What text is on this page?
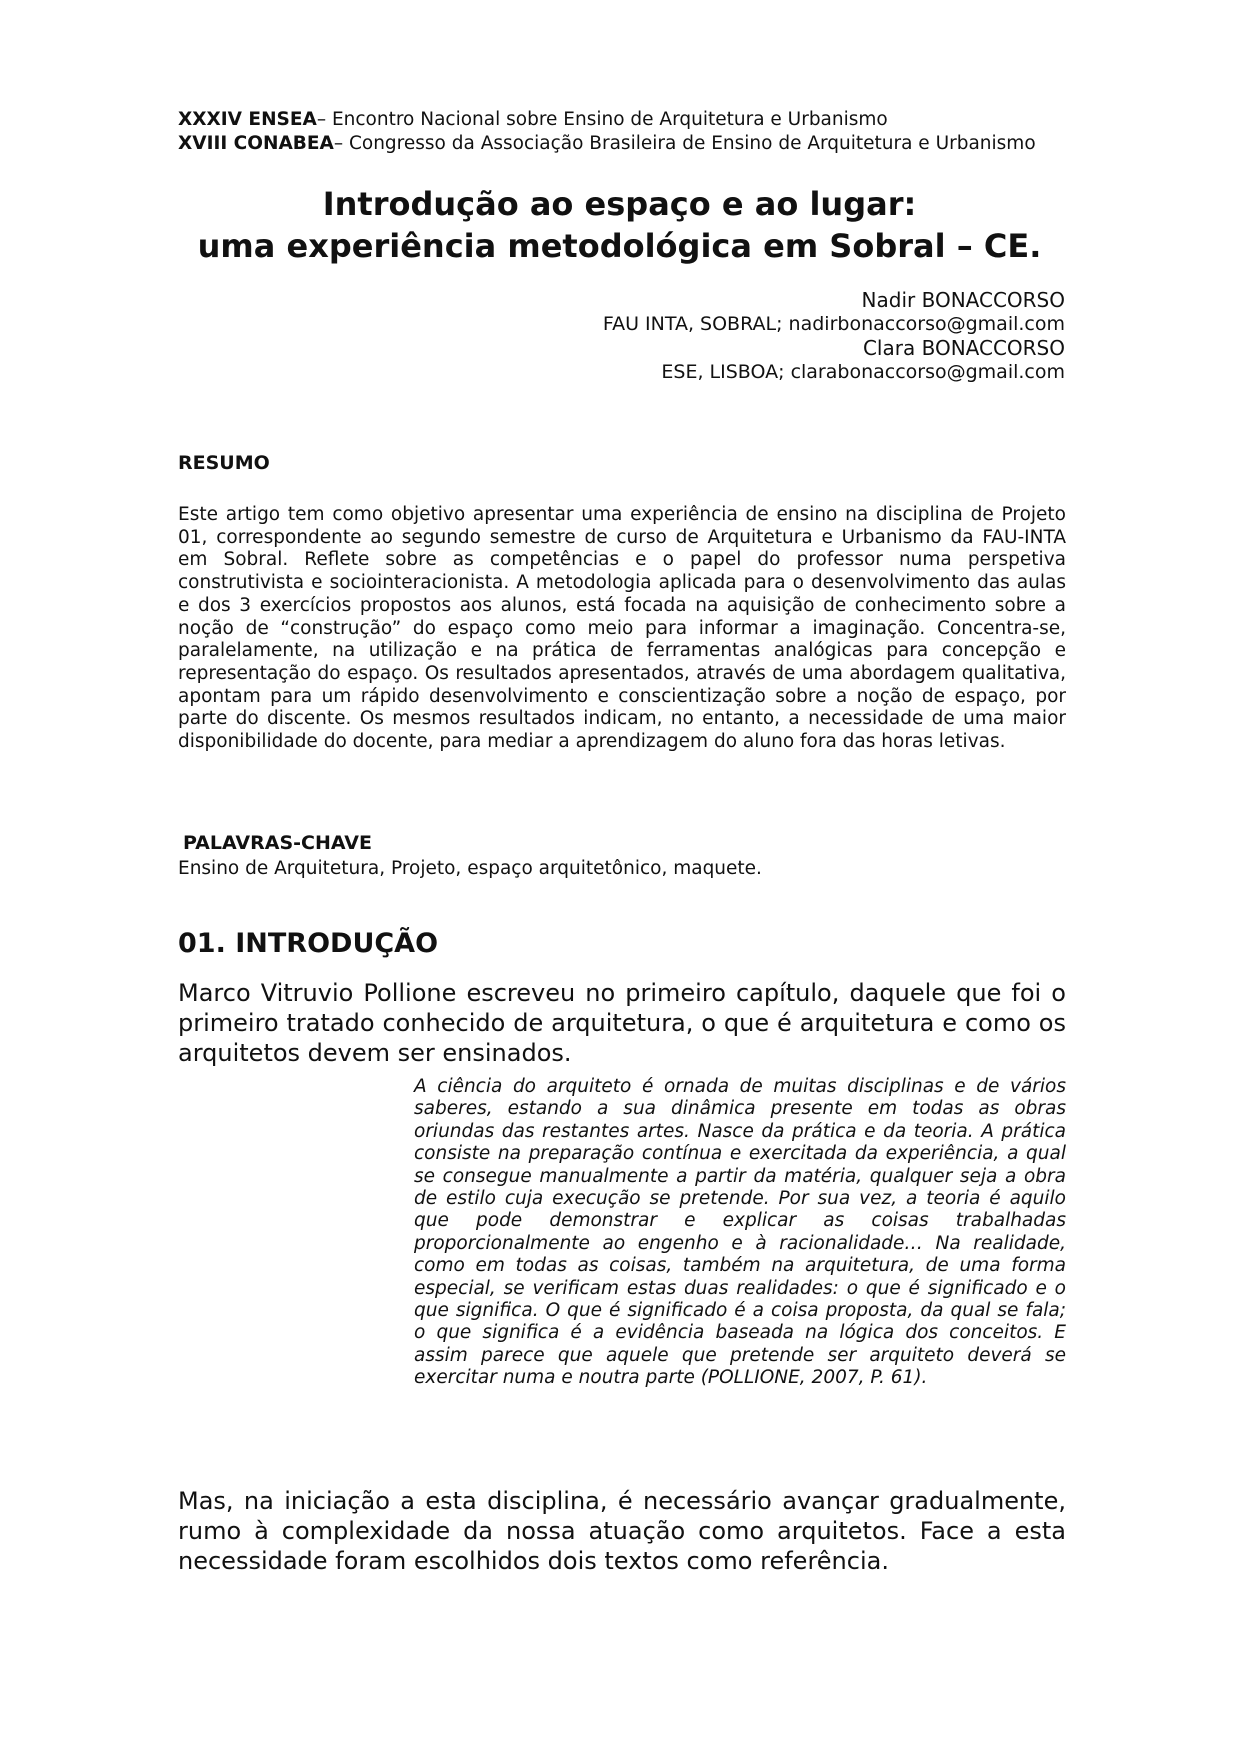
XXXIV ENSEA– Encontro Nacional sobre Ensino de Arquitetura e Urbanismo
XVIII CONABEA– Congresso da Associação Brasileira de Ensino de Arquitetura e Urbanismo
Introdução ao espaço e ao lugar:
uma experiência metodológica em Sobral – CE.
Nadir BONACCORSO
FAU INTA, SOBRAL; nadirbonaccorso@gmail.com
Clara BONACCORSO
ESE, LISBOA; clarabonaccorso@gmail.com
RESUMO
Este artigo tem como objetivo apresentar uma experiência de ensino na disciplina de Projeto 01, correspondente ao segundo semestre de curso de Arquitetura e Urbanismo da FAU-INTA em Sobral. Reflete sobre as competências e o papel do professor numa perspetiva construtivista e sociointeracionista. A metodologia aplicada para o desenvolvimento das aulas e dos 3 exercícios propostos aos alunos, está focada na aquisição de conhecimento sobre a noção de “construção” do espaço como meio para informar a imaginação. Concentra-se, paralelamente, na utilização e na prática de ferramentas analógicas para concepção e representação do espaço. Os resultados apresentados, através de uma abordagem qualitativa, apontam para um rápido desenvolvimento e conscientização sobre a noção de espaço, por parte do discente. Os mesmos resultados indicam, no entanto, a necessidade de uma maior disponibilidade do docente, para mediar a aprendizagem do aluno fora das horas letivas.
PALAVRAS-CHAVE
Ensino de Arquitetura, Projeto, espaço arquitetônico, maquete.
01. INTRODUÇÃO
Marco Vitruvio Pollione escreveu no primeiro capítulo, daquele que foi o primeiro tratado conhecido de arquitetura, o que é arquitetura e como os arquitetos devem ser ensinados.
A ciência do arquiteto é ornada de muitas disciplinas e de vários saberes, estando a sua dinâmica presente em todas as obras oriundas das restantes artes. Nasce da prática e da teoria. A prática consiste na preparação contínua e exercitada da experiência, a qual se consegue manualmente a partir da matéria, qualquer seja a obra de estilo cuja execução se pretende. Por sua vez, a teoria é aquilo que pode demonstrar e explicar as coisas trabalhadas proporcionalmente ao engenho e à racionalidade… Na realidade, como em todas as coisas, também na arquitetura, de uma forma especial, se verificam estas duas realidades: o que é significado e o que significa. O que é significado é a coisa proposta, da qual se fala; o que significa é a evidência baseada na lógica dos conceitos. E assim parece que aquele que pretende ser arquiteto deverá se exercitar numa e noutra parte (POLLIONE, 2007, P. 61).
Mas, na iniciação a esta disciplina, é necessário avançar gradualmente, rumo à complexidade da nossa atuação como arquitetos. Face a esta necessidade foram escolhidos dois textos como referência.
